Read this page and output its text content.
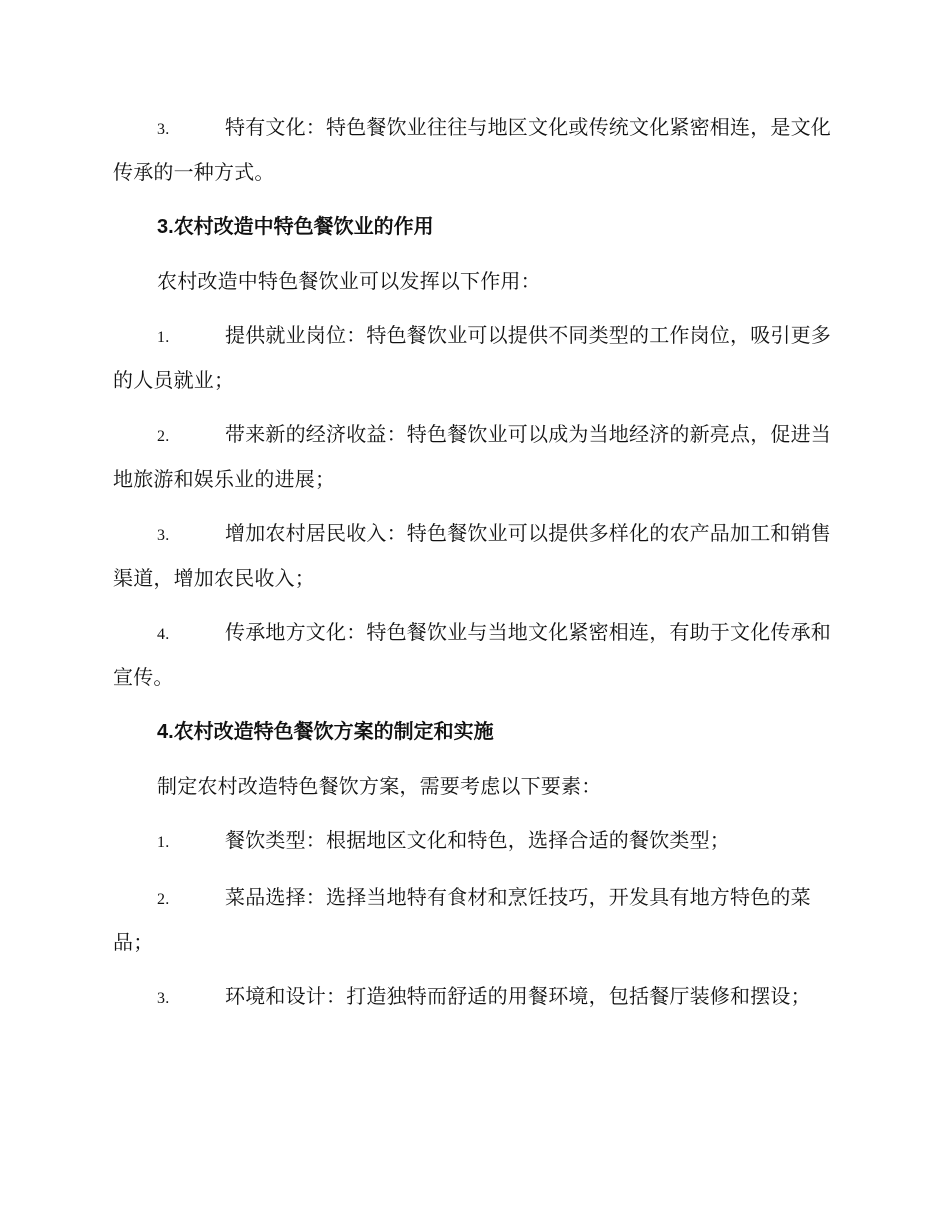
3.	特有文化：特色餐饮业往往与地区文化或传统文化紧密相连，是文化传承的一种方式。

3.农村改造中特色餐饮业的作用

农村改造中特色餐饮业可以发挥以下作用：

1.	提供就业岗位：特色餐饮业可以提供不同类型的工作岗位，吸引更多的人员就业；

2.	带来新的经济收益：特色餐饮业可以成为当地经济的新亮点，促进当地旅游和娱乐业的进展；

3.	增加农村居民收入：特色餐饮业可以提供多样化的农产品加工和销售渠道，增加农民收入；

4.	传承地方文化：特色餐饮业与当地文化紧密相连，有助于文化传承和宣传。

4.农村改造特色餐饮方案的制定和实施

制定农村改造特色餐饮方案，需要考虑以下要素：

1.	餐饮类型：根据地区文化和特色，选择合适的餐饮类型；

2.	菜品选择：选择当地特有食材和烹饪技巧，开发具有地方特色的菜品；

3.	环境和设计：打造独特而舒适的用餐环境，包括餐厅装修和摆设；
